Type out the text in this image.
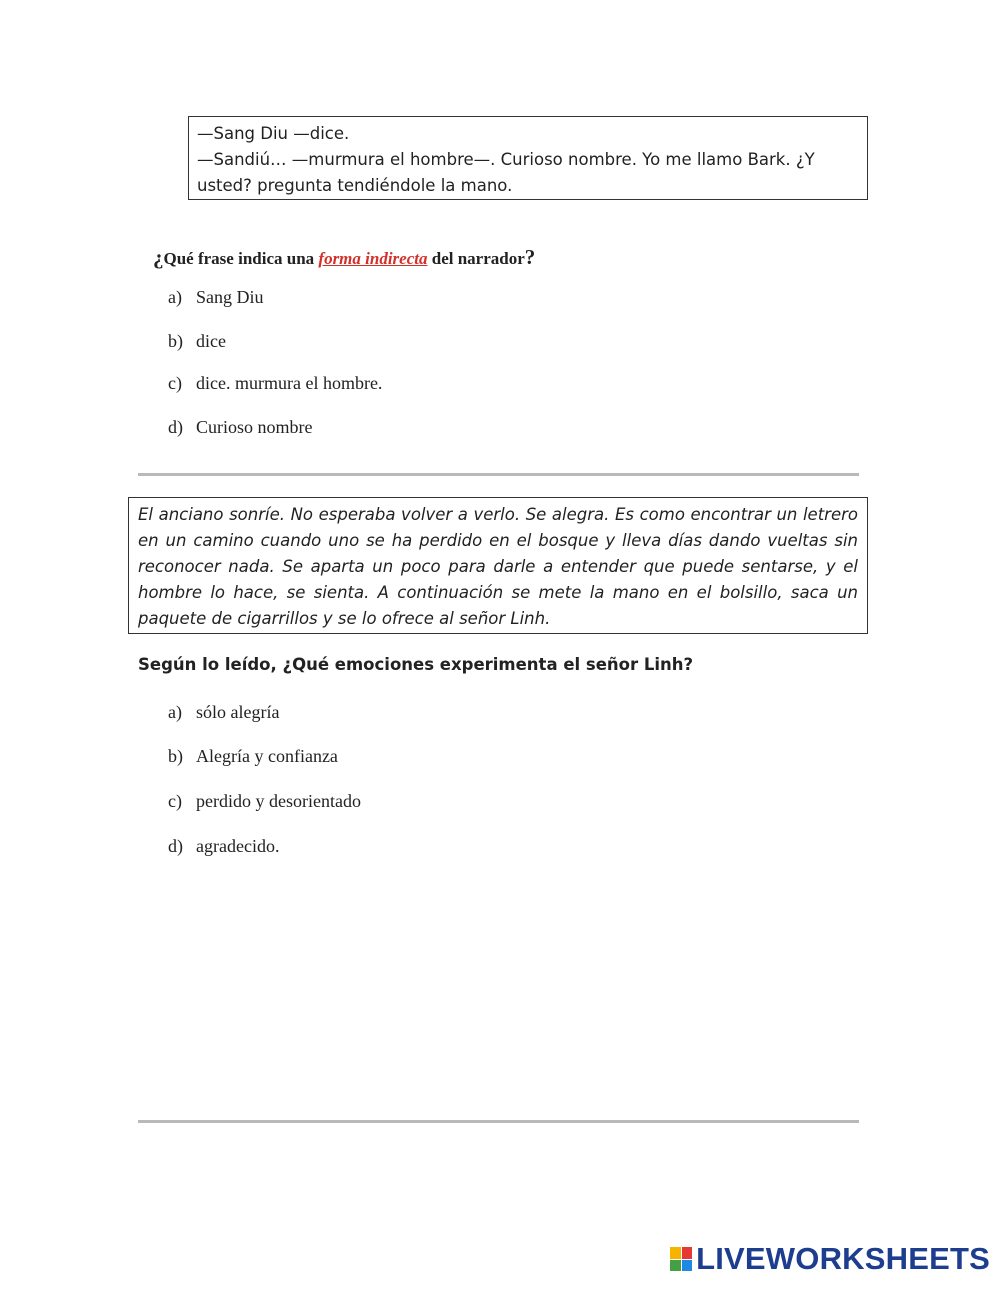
—Sang Diu —dice.

—Sandiú… —murmura el hombre—. Curioso nombre. Yo me llamo Bark. ¿Y usted? pregunta tendiéndole la mano.

¿Qué frase indica una forma indirecta del narrador?
a) Sang Diu
b) dice
c) dice. murmura el hombre.
d) Curioso nombre

El anciano sonríe. No esperaba volver a verlo. Se alegra. Es como encontrar un letrero en un camino cuando uno se ha perdido en el bosque y lleva días dando vueltas sin reconocer nada. Se aparta un poco para darle a entender que puede sentarse, y el hombre lo hace, se sienta. A continuación se mete la mano en el bolsillo, saca un paquete de cigarrillos y se lo ofrece al señor Linh.

Según lo leído, ¿Qué emociones experimenta el señor Linh?
a) sólo alegría
b) Alegría y confianza
c) perdido y desorientado
d) agradecido.
LIVEWORKSHEETS
